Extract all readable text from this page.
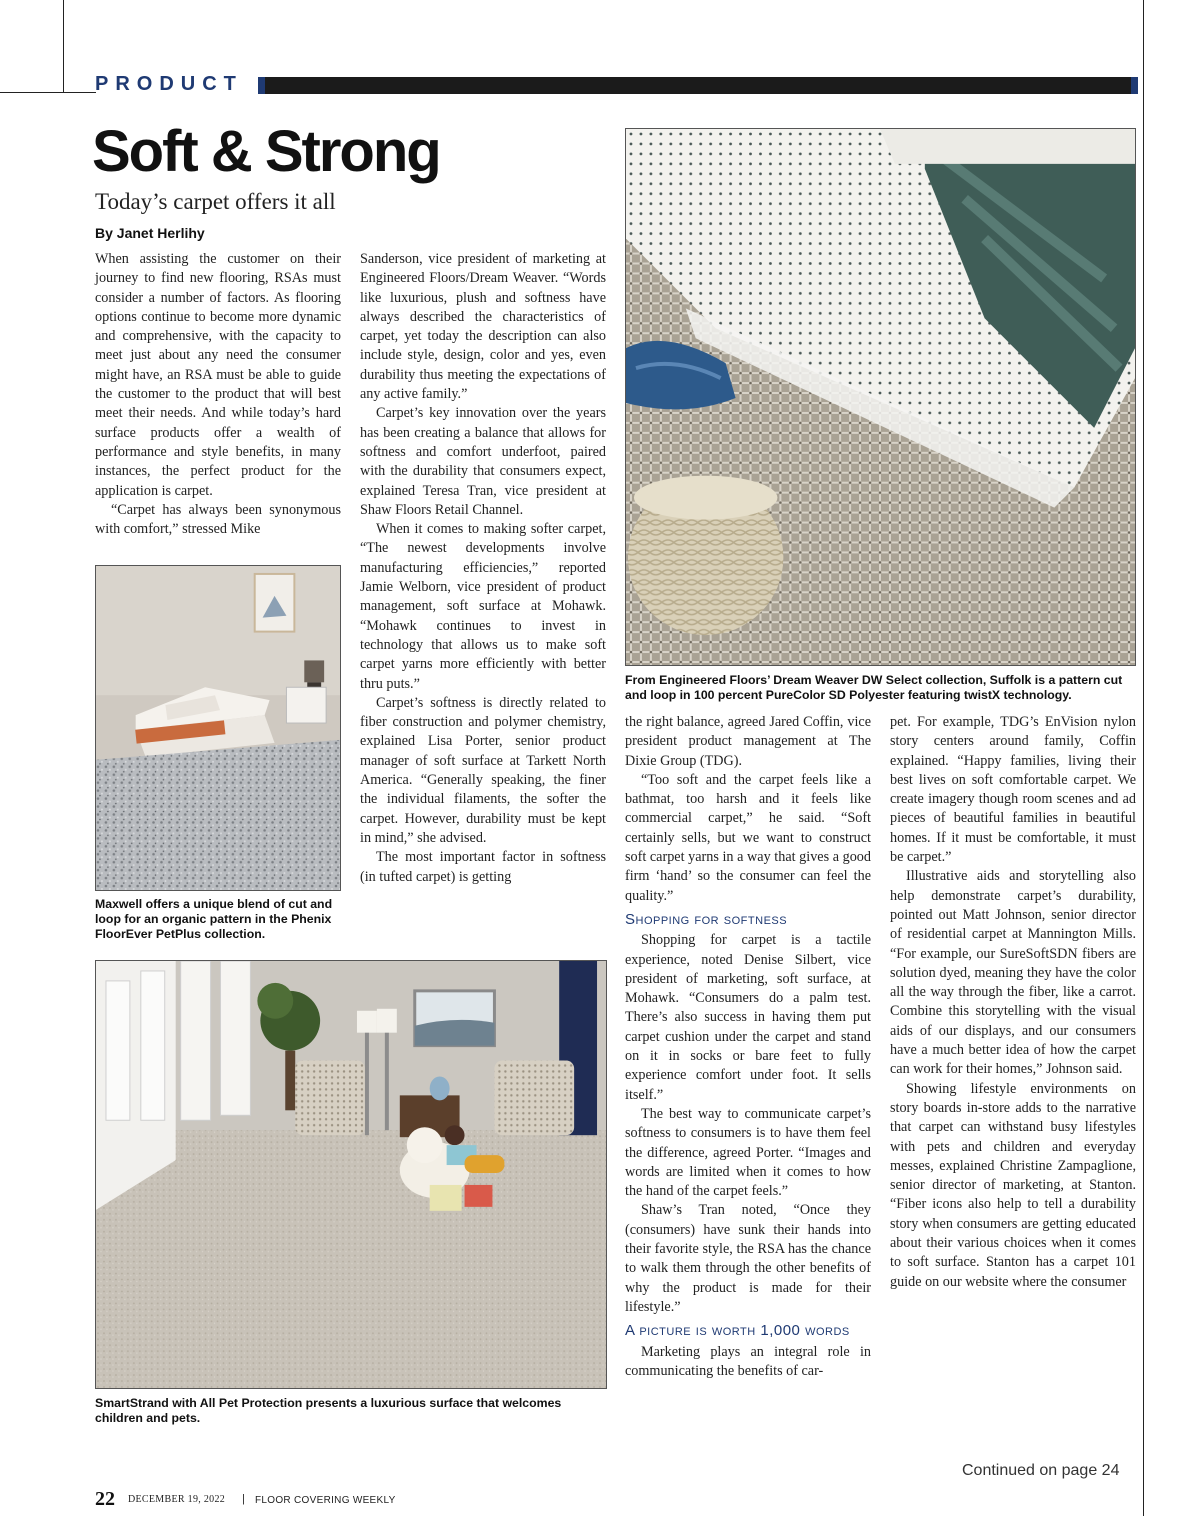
PRODUCT
Soft & Strong
Today’s carpet offers it all
By Janet Herlihy

When assisting the customer on their journey to find new flooring, RSAs must consider a number of factors. As flooring options continue to become more dynamic and comprehensive, with the capacity to meet just about any need the consumer might have, an RSA must be able to guide the customer to the product that will best meet their needs. And while today’s hard surface products offer a wealth of performance and style benefits, in many instances, the perfect product for the application is carpet.

“Carpet has always been synonymous with comfort,” stressed Mike

Maxwell offers a unique blend of cut and loop for an organic pattern in the Phenix FloorEver PetPlus collection.

Sanderson, vice president of marketing at Engineered Floors/Dream Weaver. “Words like luxurious, plush and softness have always described the characteristics of carpet, yet today the description can also include style, design, color and yes, even durability thus meeting the expectations of any active family.”

Carpet’s key innovation over the years has been creating a balance that allows for softness and comfort underfoot, paired with the durability that consumers expect, explained Teresa Tran, vice president at Shaw Floors Retail Channel.

When it comes to making softer carpet, “The newest developments involve manufacturing efficiencies,” reported Jamie Welborn, vice president of product management, soft surface at Mohawk. “Mohawk continues to invest in technology that allows us to make soft carpet yarns more efficiently with better thru puts.”

Carpet’s softness is directly related to fiber construction and polymer chemistry, explained Lisa Porter, senior product manager of soft surface at Tarkett North America. “Generally speaking, the finer the individual filaments, the softer the carpet. However, durability must be kept in mind,” she advised.

The most important factor in softness (in tufted carpet) is getting

From Engineered Floors’ Dream Weaver DW Select collection, Suffolk is a pattern cut and loop in 100 percent PureColor SD Polyester featuring twistX technology.
SmartStrand with All Pet Protection presents a luxurious surface that welcomes children and pets.

the right balance, agreed Jared Coffin, vice president product management at The Dixie Group (TDG).

“Too soft and the carpet feels like a bathmat, too harsh and it feels like commercial carpet,” he said. “Soft certainly sells, but we want to construct soft carpet yarns in a way that gives a good firm ‘hand’ so the consumer can feel the quality.”

Shopping for softness

Shopping for carpet is a tactile experience, noted Denise Silbert, vice president of marketing, soft surface, at Mohawk. “Consumers do a palm test. There’s also success in having them put carpet cushion under the carpet and stand on it in socks or bare feet to fully experience comfort under foot. It sells itself.”

The best way to communicate carpet’s softness to consumers is to have them feel the difference, agreed Porter. “Images and words are limited when it comes to how the hand of the carpet feels.”

Shaw’s Tran noted, “Once they (consumers) have sunk their hands into their favorite style, the RSA has the chance to walk them through the other benefits of why the product is made for their lifestyle.”

A picture is worth 1,000 words

Marketing plays an integral role in communicating the benefits of car-

pet. For example, TDG’s EnVision nylon story centers around family, Coffin explained. “Happy families, living their best lives on soft comfortable carpet. We create imagery though room scenes and ad pieces of beautiful families in beautiful homes. If it must be comfortable, it must be carpet.”

Illustrative aids and storytelling also help demonstrate carpet’s durability, pointed out Matt Johnson, senior director of residential carpet at Mannington Mills. “For example, our SureSoftSDN fibers are solution dyed, meaning they have the color all the way through the fiber, like a carrot. Combine this storytelling with the visual aids of our displays, and our consumers have a much better idea of how the carpet can work for their homes,” Johnson said.

Showing lifestyle environments on story boards in-store adds to the narrative that carpet can withstand busy lifestyles with pets and children and everyday messes, explained Christine Zampaglione, senior director of marketing, at Stanton. “Fiber icons also help to tell a durability story when consumers are getting educated about their various choices when it comes to soft surface. Stanton has a carpet 101 guide on our website where the consumer

Continued on page 24
22 DECEMBER 19, 2022 | FLOOR COVERING WEEKLY
